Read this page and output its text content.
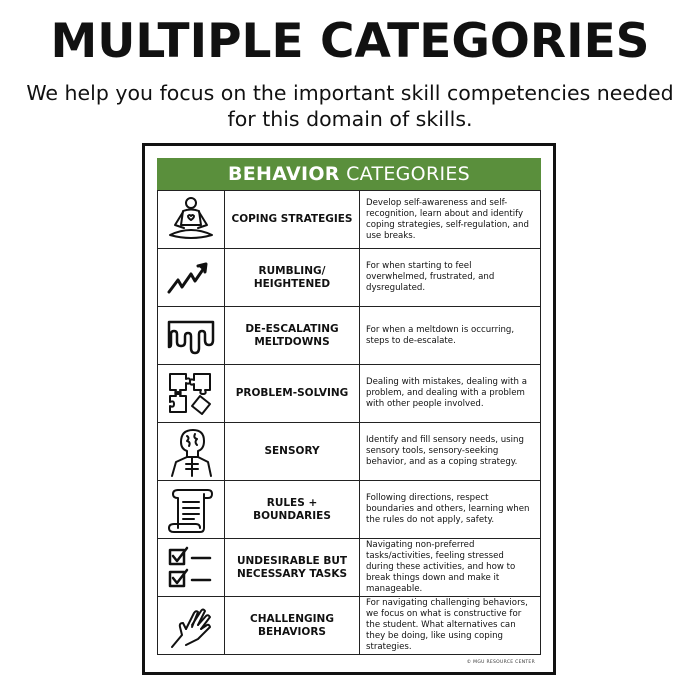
MULTIPLE CATEGORIES
We help you focus on the important skill competencies needed for this domain of skills.
BEHAVIOR CATEGORIES
	COPING STRATEGIES	Develop self-awareness and self-recognition, learn about and identify coping strategies, self-regulation, and use breaks.

	RUMBLING/ HEIGHTENED	For when starting to feel overwhelmed, frustrated, and dysregulated.

	DE-ESCALATING MELTDOWNS	For when a meltdown is occurring, steps to de-escalate.

	PROBLEM-SOLVING	Dealing with mistakes, dealing with a problem, and dealing with a problem with other people involved.

	SENSORY	Identify and fill sensory needs, using sensory tools, sensory-seeking behavior, and as a coping strategy.

	RULES + BOUNDARIES	Following directions, respect boundaries and others, learning when the rules do not apply, safety.

	UNDESIRABLE BUT NECESSARY TASKS	Navigating non-preferred tasks/activities, feeling stressed during these activities, and how to break things down and make it manageable.

	CHALLENGING BEHAVIORS	For navigating challenging behaviors, we focus on what is constructive for the student. What alternatives can they be doing, like using coping strategies.
© MGU RESOURCE CENTER
